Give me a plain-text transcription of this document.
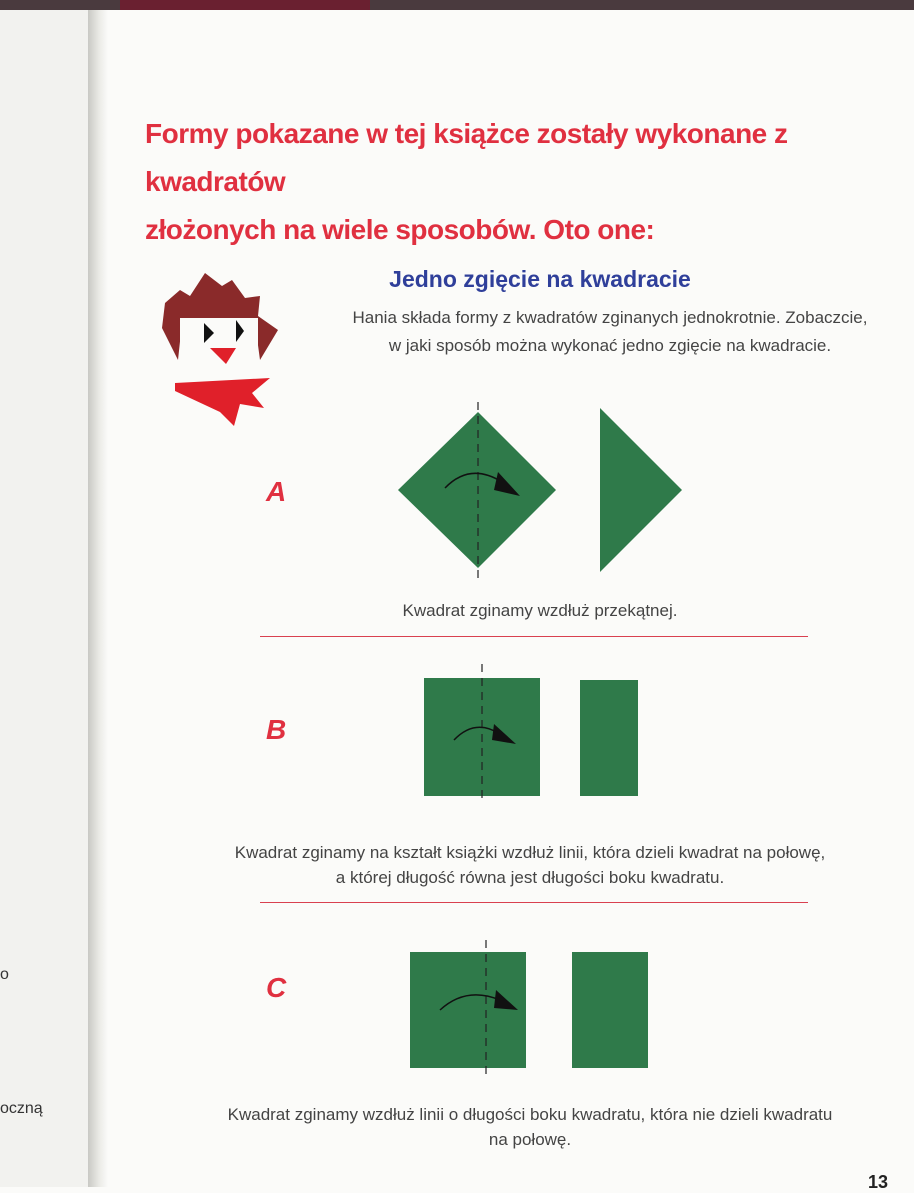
o
oczną
Formy pokazane w tej książce zostały wykonane z kwadratów
złożonych na wiele sposobów. Oto one:
Jedno zgięcie na kwadracie
Hania składa formy z kwadratów zginanych jednokrotnie. Zobaczcie,
w jaki sposób można wykonać jedno zgięcie na kwadracie.
A
Kwadrat zginamy wzdłuż przekątnej.
B
Kwadrat zginamy na kształt książki wzdłuż linii, która dzieli kwadrat na połowę,
a której długość równa jest długości boku kwadratu.
C
Kwadrat zginamy wzdłuż linii o długości boku kwadratu, która nie dzieli kwadratu
na połowę.
13
